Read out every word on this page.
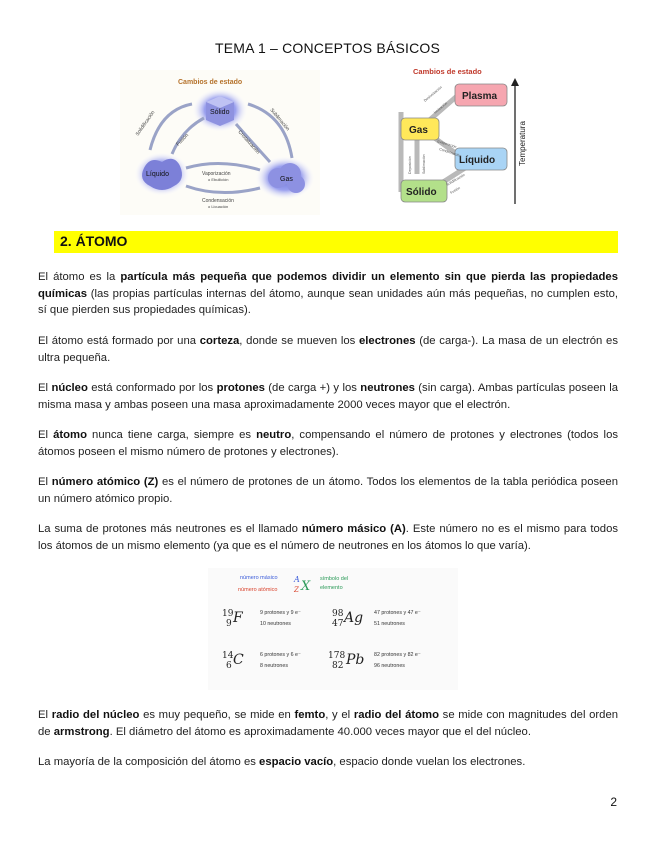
TEMA 1 – CONCEPTOS BÁSICOS
Cambios de estado
Sólido
Líquido
Gas
Solidificación
Fusión
Sublimación
Cristalización
Vaporización
o Ebullición
Condensación
o Licuación
Cambios de estado
Plasma
Gas
Líquido
Sólido
Desionización
Ionización
Evaporación
Condensación
Deposición	Sublimación
Solidificación
Fusión
Temperatura
2. ÁTOMO
El átomo es la partícula más pequeña que podemos dividir un elemento sin que pierda las propiedades químicas (las propias partículas internas del átomo, aunque sean unidades aún más pequeñas, no cumplen esto, sí que pierden sus propiedades químicas).
El átomo está formado por una corteza, donde se mueven los electrones (de carga-). La masa de un electrón es ultra pequeña.
El núcleo está conformado por los protones (de carga +) y los neutrones (sin carga). Ambas partículas poseen la misma masa y ambas poseen una masa aproximadamente 2000 veces mayor que el electrón.
El átomo nunca tiene carga, siempre es neutro, compensando el número de protones y electrones (todos los átomos poseen el mismo número de protones y electrones).
El número atómico (Z) es el número de protones de un átomo. Todos los elementos de la tabla periódica poseen un número atómico propio.
La suma de protones más neutrones es el llamado número másico (A). Este número no es el mismo para todos los átomos de un mismo elemento (ya que es el número de neutrones en los átomos lo que varía).
número másico
número atómico
A
Z X símbolo del
elemento
19
9 F	9 protones y 9 e⁻
10 neutrones
98
47 Ag 47 protones y 47 e⁻
51 neutrones
14
6 C	6 protones y 6 e⁻
8 neutrones
178
82 Pb 82 protones y 82 e⁻
96 neutrones
El radio del núcleo es muy pequeño, se mide en femto, y el radio del átomo se mide con magnitudes del orden de armstrong. El diámetro del átomo es aproximadamente 40.000 veces mayor que el del núcleo.
La mayoría de la composición del átomo es espacio vacío, espacio donde vuelan los electrones.
2
